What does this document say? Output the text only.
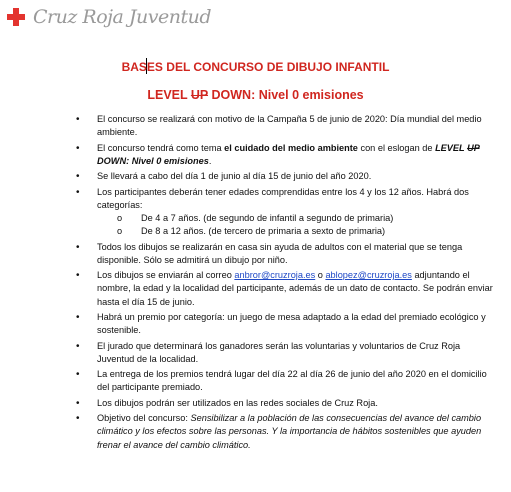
Cruz Roja Juventud
BASES DEL CONCURSO DE DIBUJO INFANTIL
LEVEL UP DOWN: Nivel 0 emisiones
• El concurso se realizará con motivo de la Campaña 5 de junio de 2020: Día mundial del medio ambiente.
• El concurso tendrá como tema el cuidado del medio ambiente con el eslogan de LEVEL UP DOWN: Nivel 0 emisiones.
• Se llevará a cabo del día 1 de junio al día 15 de junio del año 2020.
• Los participantes deberán tener edades comprendidas entre los 4 y los 12 años. Habrá dos categorías:
o De 4 a 7 años. (de segundo de infantil a segundo de primaria)
o De 8 a 12 años. (de tercero de primaria a sexto de primaria)
• Todos los dibujos se realizarán en casa sin ayuda de adultos con el material que se tenga disponible. Sólo se admitirá un dibujo por niño.
• Los dibujos se enviarán al correo anbror@cruzroja.es o ablopez@cruzroja.es adjuntando el nombre, la edad y la localidad del participante, además de un dato de contacto. Se podrán enviar hasta el día 15 de junio.
• Habrá un premio por categoría: un juego de mesa adaptado a la edad del premiado ecológico y sostenible.
• El jurado que determinará los ganadores serán las voluntarias y voluntarios de Cruz Roja Juventud de la localidad.
• La entrega de los premios tendrá lugar del día 22 al día 26 de junio del año 2020 en el domicilio del participante premiado.
• Los dibujos podrán ser utilizados en las redes sociales de Cruz Roja.
• Objetivo del concurso: Sensibilizar a la población de las consecuencias del avance del cambio climático y los efectos sobre las personas. Y la importancia de hábitos sostenibles que ayuden frenar el avance del cambio climático.
